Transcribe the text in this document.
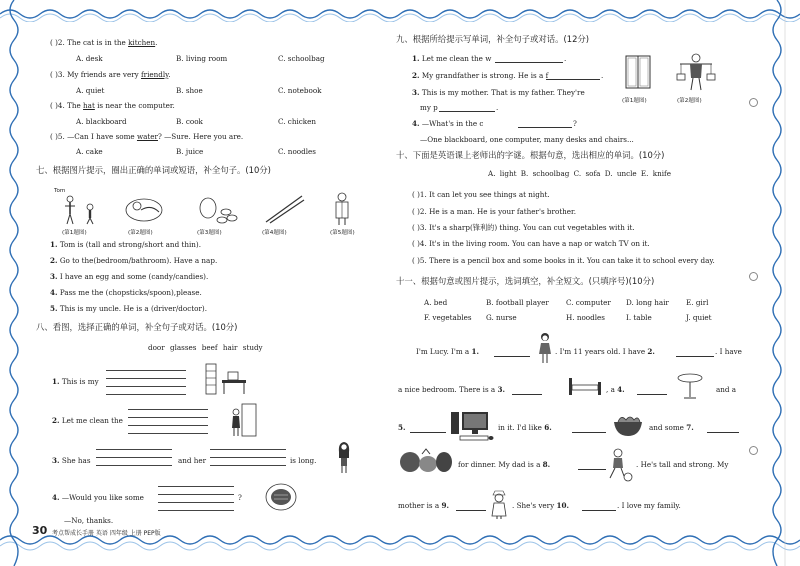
( )2. The cat is in the kitchen.
A. desk	B. living room	C. schoolbag
( )3. My friends are very friendly.
A. quiet	B. shoe	C. notebook
( )4. The hat is near the computer.
A. blackboard	B. cook	C. chicken
( )5. —Can I have some water? —Sure. Here you are.
A. cake	B. juice	C. noodles
七、根据图片提示，圈出正确的单词或短语，补全句子。(10分)
Tom
(第1题图)	(第2题图)	(第3题图)	(第4题图)	(第5题图)
1. Tom is (tall and strong/short and thin).
2. Go to the(bedroom/bathroom). Have a nap.
3. I have an egg and some (candy/candies).
4. Pass me the (chopsticks/spoon),please.
5. This is my uncle. He is a (driver/doctor).
八、看图，选择正确的单词，补全句子或对话。(10分)
door glasses beef hair study
1. This is my
2. Let me clean the
3. She has	and her	is long.
4. —Would you like some	?
—No, thanks.
30 考点帮成长手册 英语 四年级 上册 PEP版
九、根据所给提示写单词，补全句子或对话。(12分)
1. Let me clean the w	.
2. My grandfather is strong. He is a f	.
3. This is my mother. That is my father. They're
my p	.
4. —What's in the c	?
—One blackboard, one computer, many desks and chairs...
(第1题图)	(第2题图)
十、下面是英语课上老师出的字谜。根据句意，选出相应的单词。(10分)
A. light B. schoolbag C. sofa D. uncle E. knife
( )1. It can let you see things at night.
( )2. He is a man. He is your father's brother.
( )3. It's a sharp(锋利的) thing. You can cut vegetables with it.
( )4. It's in the living room. You can have a nap or watch TV on it.
( )5. There is a pencil box and some books in it. You can take it to school every day.
十一、根据句意或图片提示，选词填空，补全短文。(只填序号)(10分)
A. bed	B. football player C. computer D. long hair E. girl
F. vegetables G. nurse	H. noodles	I. table	J. quiet
I'm Lucy. I'm a 1.	. I'm 11 years old. I have 2.	. I have
a nice bedroom. There is a 3.	, a 4.	and a
5.	in it. I'd like 6.	and some 7.
for dinner. My dad is a 8.	. He's tall and strong. My
mother is a 9.	. She's very 10.	. I love my family.
